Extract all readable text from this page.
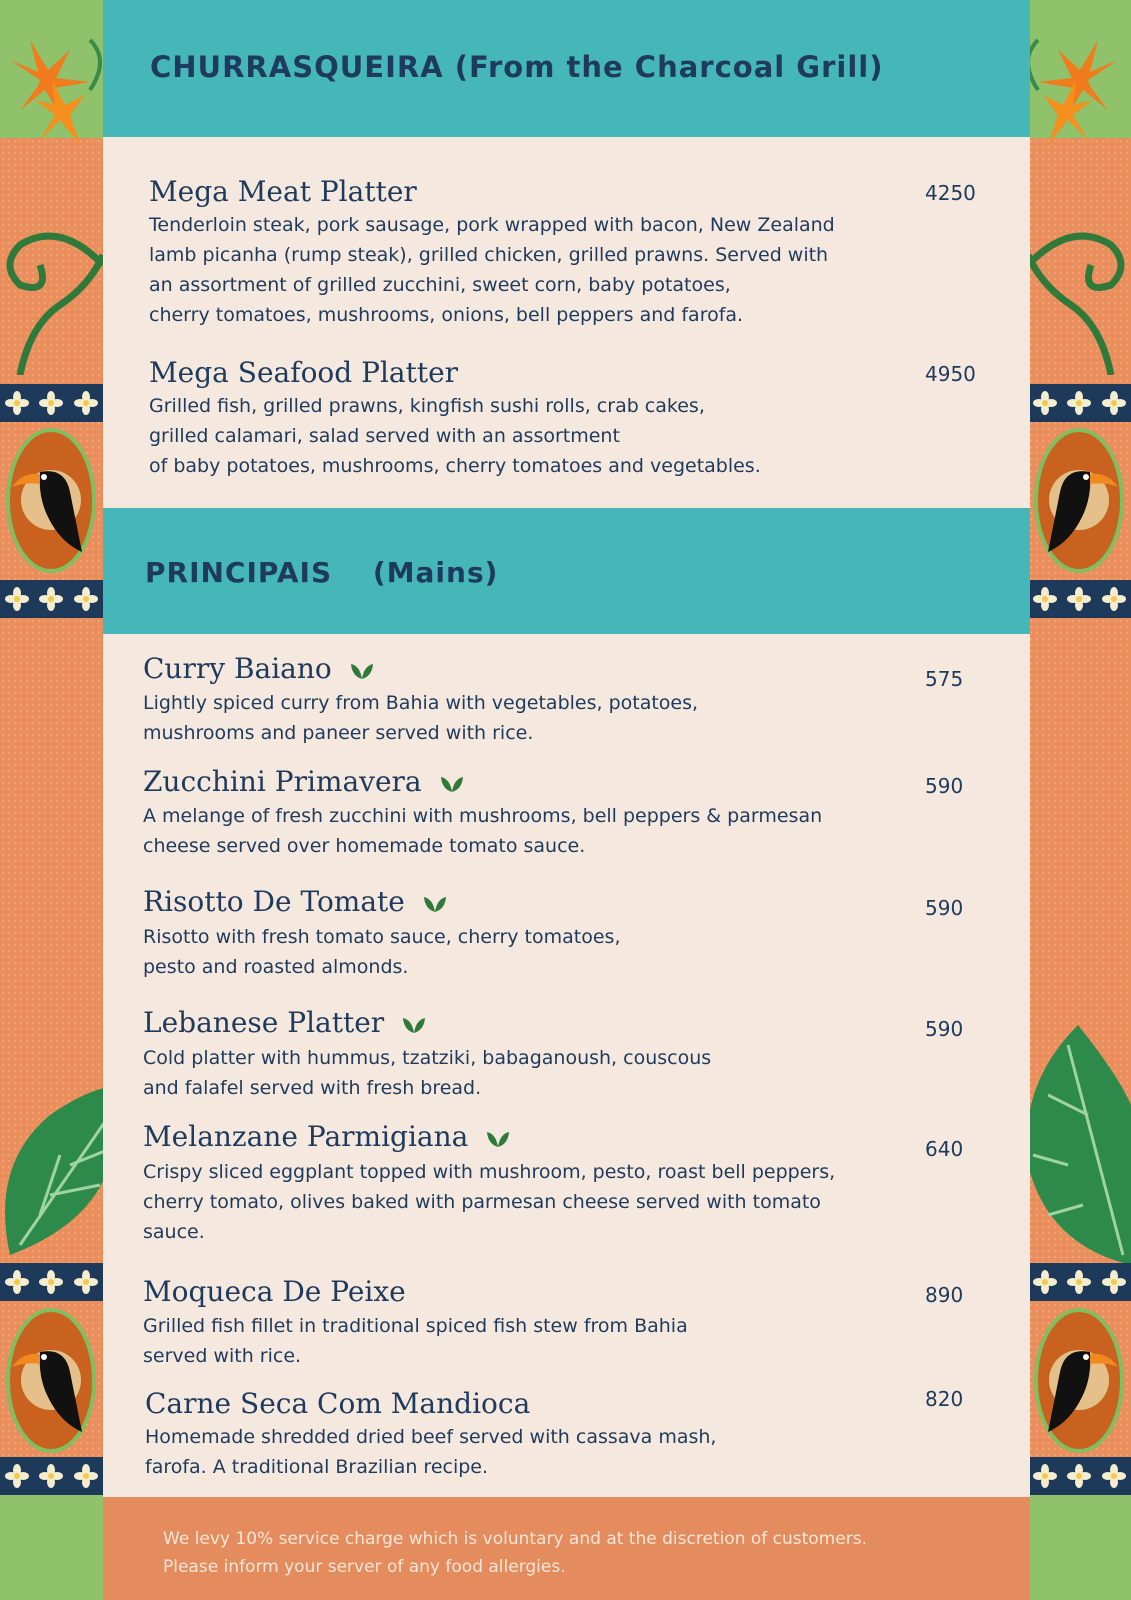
CHURRASQUEIRA (From the Charcoal Grill)
Mega Meat Platter	4250
Tenderloin steak, pork sausage, pork wrapped with bacon, New Zealand
lamb picanha (rump steak), grilled chicken, grilled prawns. Served with
an assortment of grilled zucchini, sweet corn, baby potatoes,
cherry tomatoes, mushrooms, onions, bell peppers and farofa.
Mega Seafood Platter	4950
Grilled fish, grilled prawns, kingfish sushi rolls, crab cakes,
grilled calamari, salad served with an assortment
of baby potatoes, mushrooms, cherry tomatoes and vegetables.
PRINCIPAIS (Mains)
Curry Baiano	575
Lightly spiced curry from Bahia with vegetables, potatoes,
mushrooms and paneer served with rice.
Zucchini Primavera	590
A melange of fresh zucchini with mushrooms, bell peppers & parmesan
cheese served over homemade tomato sauce.
Risotto De Tomate	590
Risotto with fresh tomato sauce, cherry tomatoes,
pesto and roasted almonds.
Lebanese Platter	590
Cold platter with hummus, tzatziki, babaganoush, couscous
and falafel served with fresh bread.
Melanzane Parmigiana	640
Crispy sliced eggplant topped with mushroom, pesto, roast bell peppers,
cherry tomato, olives baked with parmesan cheese served with tomato
sauce.
Moqueca De Peixe	890
Grilled fish fillet in traditional spiced fish stew from Bahia
served with rice.
Carne Seca Com Mandioca	820
Homemade shredded dried beef served with cassava mash,
farofa. A traditional Brazilian recipe.
We levy 10% service charge which is voluntary and at the discretion of customers.
Please inform your server of any food allergies.
